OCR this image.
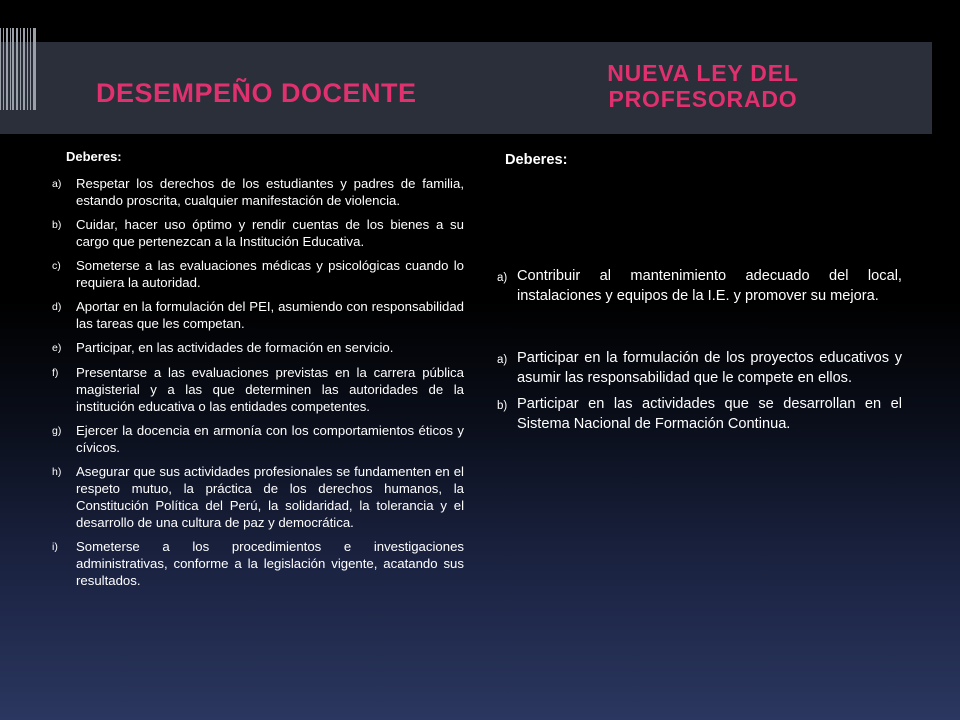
DESEMPEÑO DOCENTE
NUEVA LEY DEL PROFESORADO
Deberes:
a)	Respetar los derechos de los estudiantes y padres de familia, estando proscrita, cualquier manifestación de violencia.
b)	Cuidar, hacer uso óptimo y rendir cuentas de los bienes a su cargo que pertenezcan a la Institución Educativa.
c)	Someterse a las evaluaciones médicas y psicológicas cuando lo requiera la autoridad.
d)	Aportar en la formulación del PEI, asumiendo con responsabilidad las tareas que les competan.
e)	Participar, en las actividades de formación en servicio.
f)	Presentarse a las evaluaciones previstas en la carrera pública magisterial y a las que determinen las autoridades de la institución educativa o las entidades competentes.
g)	Ejercer la docencia en armonía con los comportamientos éticos y cívicos.
h)	Asegurar que sus actividades profesionales se fundamenten en el respeto mutuo, la práctica de los derechos humanos, la Constitución Política del Perú, la solidaridad, la tolerancia y el desarrollo de una cultura de paz y democrática.
i)	Someterse a los procedimientos e investigaciones administrativas, conforme a la legislación vigente, acatando sus resultados.
Deberes:
a) Contribuir al mantenimiento adecuado del local, instalaciones y equipos de la I.E. y promover su mejora.
a) Participar en la formulación de los proyectos educativos y asumir las responsabilidad que le compete en ellos.
b) Participar en las actividades que se desarrollan en el Sistema Nacional de Formación Continua.
